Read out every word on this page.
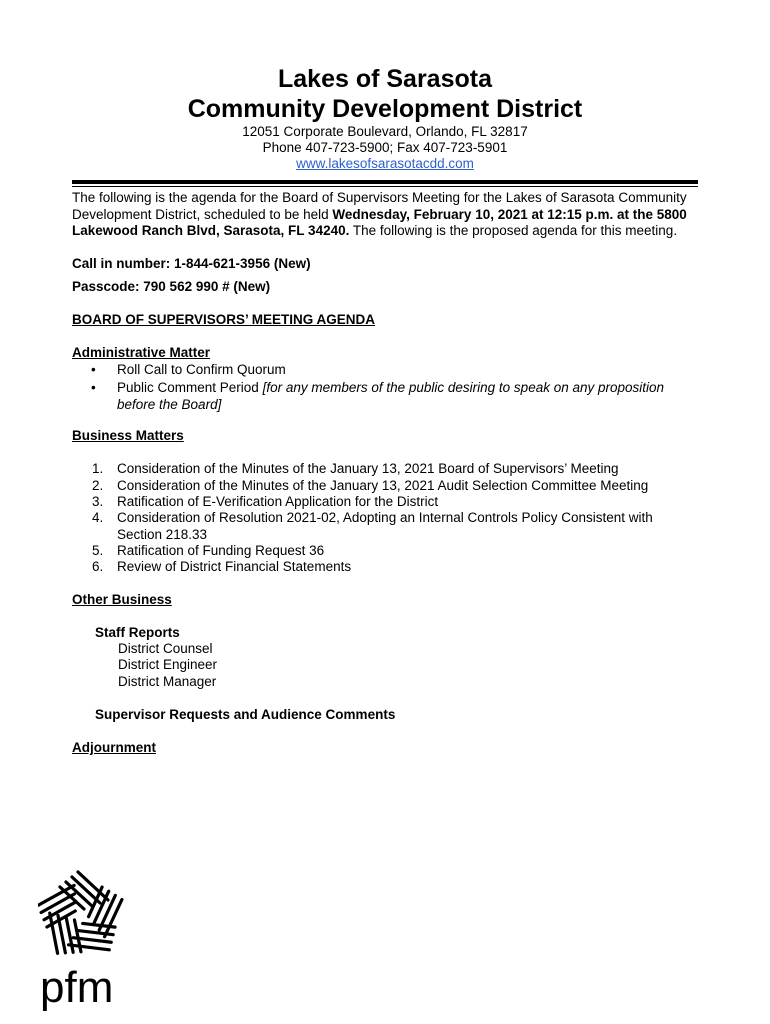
Lakes of Sarasota

Community Development District

12051 Corporate Boulevard, Orlando, FL 32817

Phone 407-723-5900; Fax 407-723-5901

www.lakesofsarasotacdd.com

The following is the agenda for the Board of Supervisors Meeting for the Lakes of Sarasota Community Development District, scheduled to be held Wednesday, February 10, 2021 at 12:15 p.m. at the 5800 Lakewood Ranch Blvd, Sarasota, FL 34240. The following is the proposed agenda for this meeting.

Call in number: 1-844-621-3956 (New)
Passcode: 790 562 990 # (New)
BOARD OF SUPERVISORS’ MEETING AGENDA
Administrative Matter
• Roll Call to Confirm Quorum
• Public Comment Period [for any members of the public desiring to speak on any proposition before the Board]
Business Matters
1. Consideration of the Minutes of the January 13, 2021 Board of Supervisors’ Meeting
2. Consideration of the Minutes of the January 13, 2021 Audit Selection Committee Meeting
3. Ratification of E-Verification Application for the District
4. Consideration of Resolution 2021-02, Adopting an Internal Controls Policy Consistent with Section 218.33
5. Ratification of Funding Request 36
6. Review of District Financial Statements
Other Business
Staff Reports
District Counsel
District Engineer
District Manager
Supervisor Requests and Audience Comments
Adjournment
pfm
